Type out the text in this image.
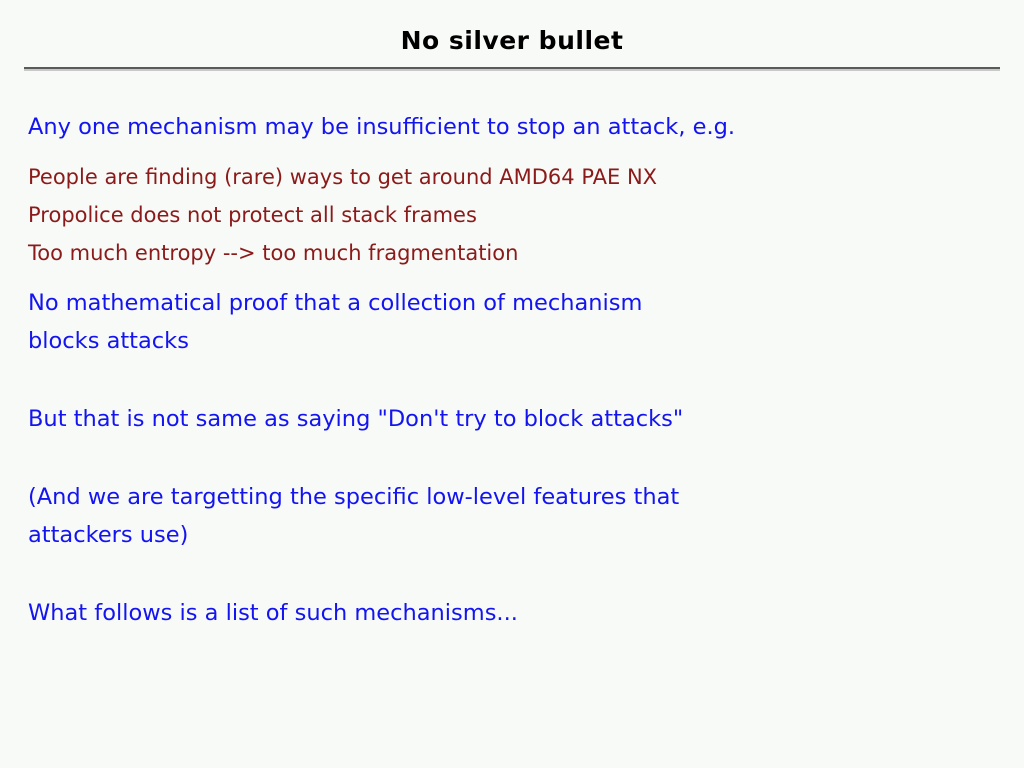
No silver bullet
Any one mechanism may be insufficient to stop an attack, e.g.
People are finding (rare) ways to get around AMD64 PAE NX
Propolice does not protect all stack frames
Too much entropy --> too much fragmentation
No mathematical proof that a collection of mechanism
blocks attacks
But that is not same as saying "Don't try to block attacks"
(And we are targetting the specific low-level features that
attackers use)
What follows is a list of such mechanisms...
